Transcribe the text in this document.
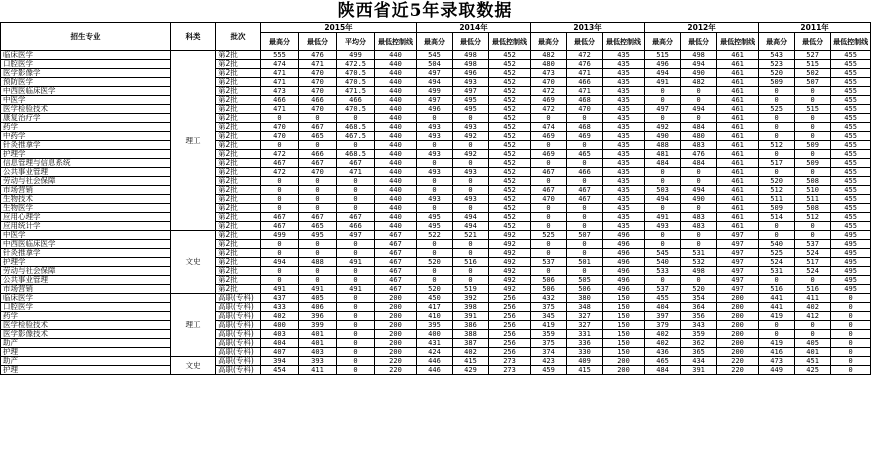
陕西省近5年录取数据
招生专业	科类	批次	2015年				2014年			2013年			2012年			2011年		
			最高分	最低分	平均分	最低控制线	最高分	最低分	最低控制线	最高分	最低分	最低控制线	最高分	最低分	最低控制线	最高分	最低分	最低控制线
临床医学	理工	第2批	555	476	499	440	545	498	452	482	472	435	515	498	461	543	527	455
口腔医学		第2批	474	471	472.5	440	504	498	452	480	476	435	496	494	461	523	515	455
医学影像学		第2批	471	470	470.5	440	497	496	452	473	471	435	494	490	461	520	502	455
预防医学		第2批	471	470	470.5	440	494	493	452	470	466	435	491	482	461	509	507	455
中西医临床医学		第2批	473	470	471.5	440	499	497	452	472	471	435	0	0	461	0	0	455
中医学		第2批	466	466	466	440	497	495	452	469	468	435	0	0	461	0	0	455
医学检验技术		第2批	471	470	470.5	440	496	495	452	472	470	435	497	494	461	525	515	455
康复治疗学		第2批	0	0	0	440	0	0	452	0	0	435	0	0	461	0	0	455
药学		第2批	470	467	468.5	440	493	493	452	474	468	435	492	484	461	0	0	455
中药学		第2批	470	465	467.5	440	493	492	452	469	469	435	490	480	461	0	0	455
针灸推拿学		第2批	0	0	0	440	0	0	452	0	0	435	488	483	461	512	509	455
护理学		第2批	472	466	468.5	440	493	492	452	469	465	435	481	476	461	0	0	455
信息管理与信息系统		第2批	467	467	467	440	0	0	452	0	0	435	484	484	461	517	509	455
公共事业管理		第2批	472	470	471	440	493	493	452	467	466	435	0	0	461	0	0	455
劳动与社会保障		第2批	0	0	0	440	0	0	452	0	0	435	0	0	461	520	508	455
市场营销		第2批	0	0	0	440	0	0	452	467	467	435	503	494	461	512	510	455
生物技术		第2批	0	0	0	440	493	493	452	470	467	435	494	490	461	511	511	455
生物医学		第2批	0	0	0	440	0	0	452	0	0	435	0	0	461	509	508	455
应用心理学		第2批	467	467	467	440	495	494	452	0	0	435	491	483	461	514	512	455
应用统计学		第2批	467	465	466	440	495	494	452	0	0	435	493	483	461	0	0	455
中医学	文史	第2批	499	495	497	467	522	521	492	525	507	496	0	0	497	0	0	495
中西医临床医学		第2批	0	0	0	467	0	0	492	0	0	496	0	0	497	540	537	495
针灸推拿学		第2批	0	0	0	467	0	0	492	0	0	496	545	531	497	525	524	495
护理学		第2批	494	488	491	467	520	516	492	537	501	496	540	532	497	524	517	495
劳动与社会保障		第2批	0	0	0	467	0	0	492	0	0	496	533	498	497	531	524	495
公共事业管理		第2批	0	0	0	467	0	0	492	506	505	496	0	0	497	0	0	495
市场营销		第2批	491	491	491	467	520	519	492	506	506	496	537	520	497	516	516	495
临床医学	理工	高职(专科)	437	405	0	200	450	392	256	432	380	150	455	354	200	441	411	0
口腔医学		高职(专科)	433	406	0	200	417	398	256	375	348	150	404	364	200	441	402	0
药学		高职(专科)	402	396	0	200	410	391	256	345	327	150	397	356	200	419	412	0
医学检验技术		高职(专科)	400	399	0	200	395	386	256	419	327	150	379	343	200	0	0	0
医学影像技术		高职(专科)	403	401	0	200	400	388	256	359	331	150	402	359	200	0	0	0
助产		高职(专科)	404	401	0	200	431	387	256	375	336	150	402	362	200	419	405	0
护理		高职(专科)	407	403	0	200	424	402	256	374	330	150	436	365	200	416	401	0
助产	文史	高职(专科)	394	393	0	220	446	415	273	423	409	200	465	434	220	473	451	0
护理		高职(专科)	454	411	0	220	446	429	273	459	415	200	484	391	220	449	425	0
